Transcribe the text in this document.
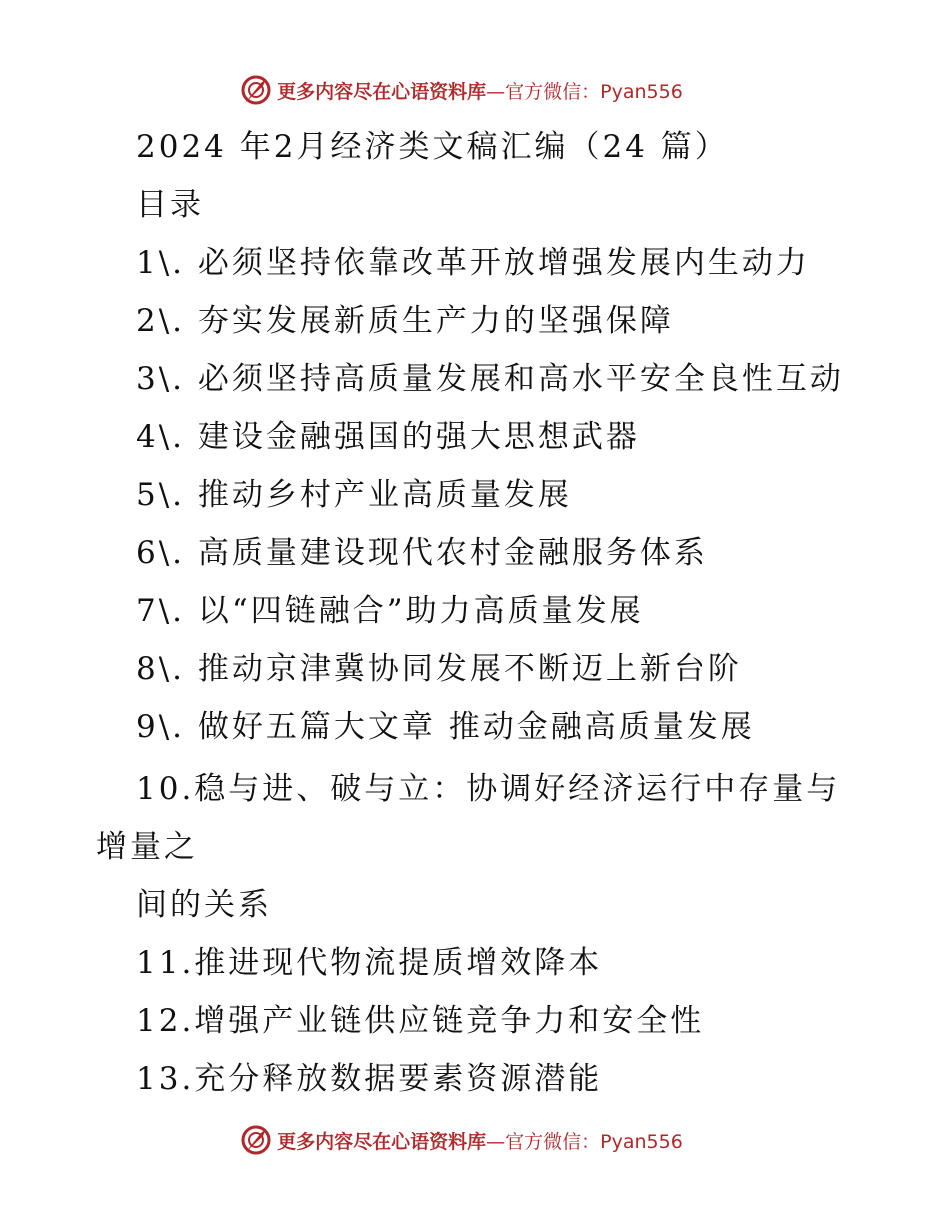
更多内容尽在心语资料库—官方微信：Pyan556
2024 年2月经济类文稿汇编（24 篇）
目录
1\. 必须坚持依靠改革开放增强发展内生动力
2\. 夯实发展新质生产力的坚强保障
3\. 必须坚持高质量发展和高水平安全良性互动
4\. 建设金融强国的强大思想武器
5\. 推动乡村产业高质量发展
6\. 高质量建设现代农村金融服务体系
7\. 以“四链融合”助力高质量发展
8\. 推动京津冀协同发展不断迈上新台阶
9\. 做好五篇大文章 推动金融高质量发展
10.稳与进、破与立：协调好经济运行中存量与
增量之
间的关系
11.推进现代物流提质增效降本
12.增强产业链供应链竞争力和安全性
13.充分释放数据要素资源潜能
更多内容尽在心语资料库—官方微信：Pyan556
